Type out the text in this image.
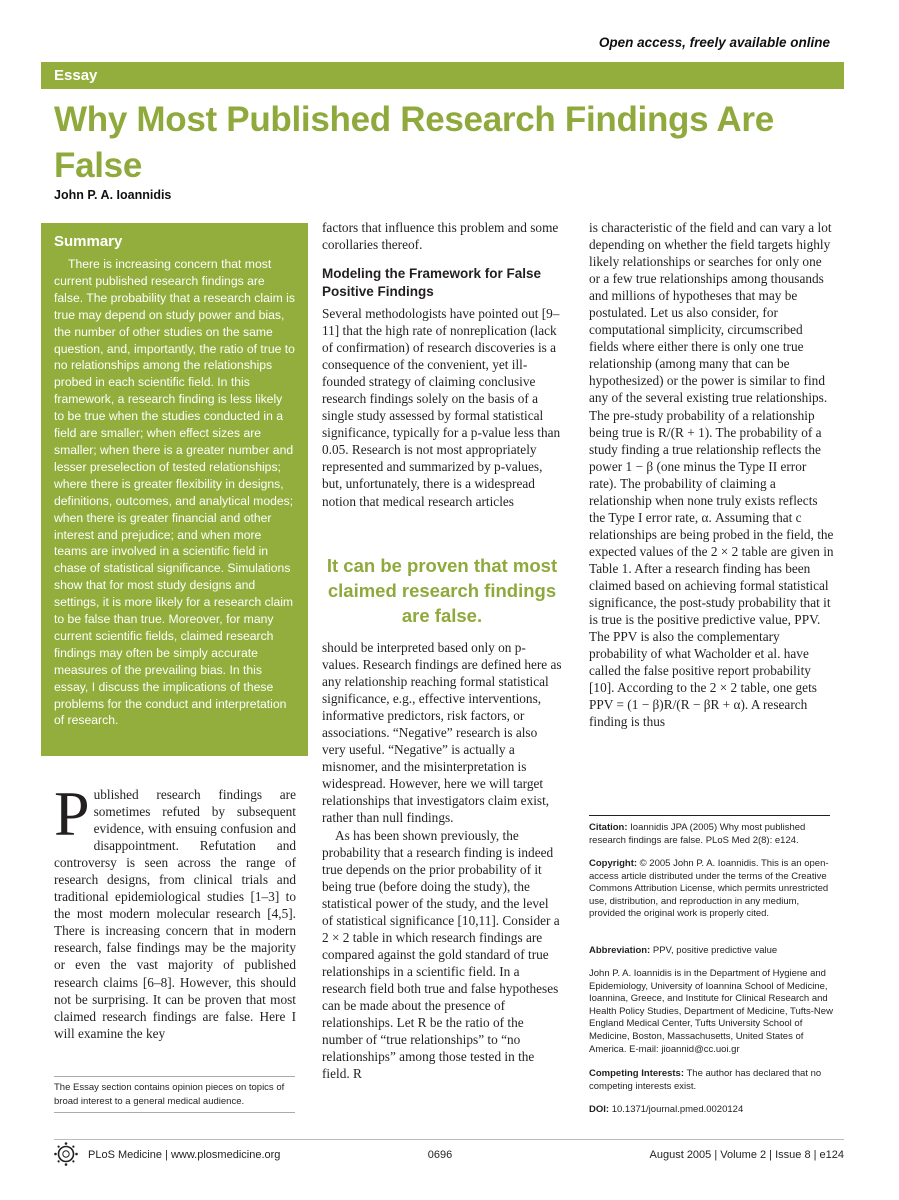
Open access, freely available online
Essay
Why Most Published Research Findings Are False
John P. A. Ioannidis
Summary
There is increasing concern that most current published research findings are false. The probability that a research claim is true may depend on study power and bias, the number of other studies on the same question, and, importantly, the ratio of true to no relationships among the relationships probed in each scientific field. In this framework, a research finding is less likely to be true when the studies conducted in a field are smaller; when effect sizes are smaller; when there is a greater number and lesser preselection of tested relationships; where there is greater flexibility in designs, definitions, outcomes, and analytical modes; when there is greater financial and other interest and prejudice; and when more teams are involved in a scientific field in chase of statistical significance. Simulations show that for most study designs and settings, it is more likely for a research claim to be false than true. Moreover, for many current scientific fields, claimed research findings may often be simply accurate measures of the prevailing bias. In this essay, I discuss the implications of these problems for the conduct and interpretation of research.
Published research findings are sometimes refuted by subsequent evidence, with ensuing confusion and disappointment. Refutation and controversy is seen across the range of research designs, from clinical trials and traditional epidemiological studies [1–3] to the most modern molecular research [4,5]. There is increasing concern that in modern research, false findings may be the majority or even the vast majority of published research claims [6–8]. However, this should not be surprising. It can be proven that most claimed research findings are false. Here I will examine the key
The Essay section contains opinion pieces on topics of broad interest to a general medical audience.

factors that influence this problem and some corollaries thereof.

Modeling the Framework for False Positive Findings

Several methodologists have pointed out [9–11] that the high rate of nonreplication (lack of confirmation) of research discoveries is a consequence of the convenient, yet ill-founded strategy of claiming conclusive research findings solely on the basis of a single study assessed by formal statistical significance, typically for a p-value less than 0.05. Research is not most appropriately represented and summarized by p-values, but, unfortunately, there is a widespread notion that medical research articles

It can be proven that most claimed research findings are false.

should be interpreted based only on p-values. Research findings are defined here as any relationship reaching formal statistical significance, e.g., effective interventions, informative predictors, risk factors, or associations. “Negative” research is also very useful. “Negative” is actually a misnomer, and the misinterpretation is widespread. However, here we will target relationships that investigators claim exist, rather than null findings.

As has been shown previously, the probability that a research finding is indeed true depends on the prior probability of it being true (before doing the study), the statistical power of the study, and the level of statistical significance [10,11]. Consider a 2 × 2 table in which research findings are compared against the gold standard of true relationships in a scientific field. In a research field both true and false hypotheses can be made about the presence of relationships. Let R be the ratio of the number of “true relationships” to “no relationships” among those tested in the field. R

is characteristic of the field and can vary a lot depending on whether the field targets highly likely relationships or searches for only one or a few true relationships among thousands and millions of hypotheses that may be postulated. Let us also consider, for computational simplicity, circumscribed fields where either there is only one true relationship (among many that can be hypothesized) or the power is similar to find any of the several existing true relationships. The pre-study probability of a relationship being true is R/(R + 1). The probability of a study finding a true relationship reflects the power 1 − β (one minus the Type II error rate). The probability of claiming a relationship when none truly exists reflects the Type I error rate, α. Assuming that c relationships are being probed in the field, the expected values of the 2 × 2 table are given in Table 1. After a research finding has been claimed based on achieving formal statistical significance, the post-study probability that it is true is the positive predictive value, PPV. The PPV is also the complementary probability of what Wacholder et al. have called the false positive report probability [10]. According to the 2 × 2 table, one gets PPV = (1 − β)R/(R − βR + α). A research finding is thus

Citation: Ioannidis JPA (2005) Why most published research findings are false. PLoS Med 2(8): e124.
Copyright: © 2005 John P. A. Ioannidis. This is an open-access article distributed under the terms of the Creative Commons Attribution License, which permits unrestricted use, distribution, and reproduction in any medium, provided the original work is properly cited.
Abbreviation: PPV, positive predictive value
John P. A. Ioannidis is in the Department of Hygiene and Epidemiology, University of Ioannina School of Medicine, Ioannina, Greece, and Institute for Clinical Research and Health Policy Studies, Department of Medicine, Tufts-New England Medical Center, Tufts University School of Medicine, Boston, Massachusetts, United States of America. E-mail: jioannid@cc.uoi.gr
Competing Interests: The author has declared that no competing interests exist.
DOI: 10.1371/journal.pmed.0020124
PLoS Medicine | www.plosmedicine.org	0696	August 2005 | Volume 2 | Issue 8 | e124
